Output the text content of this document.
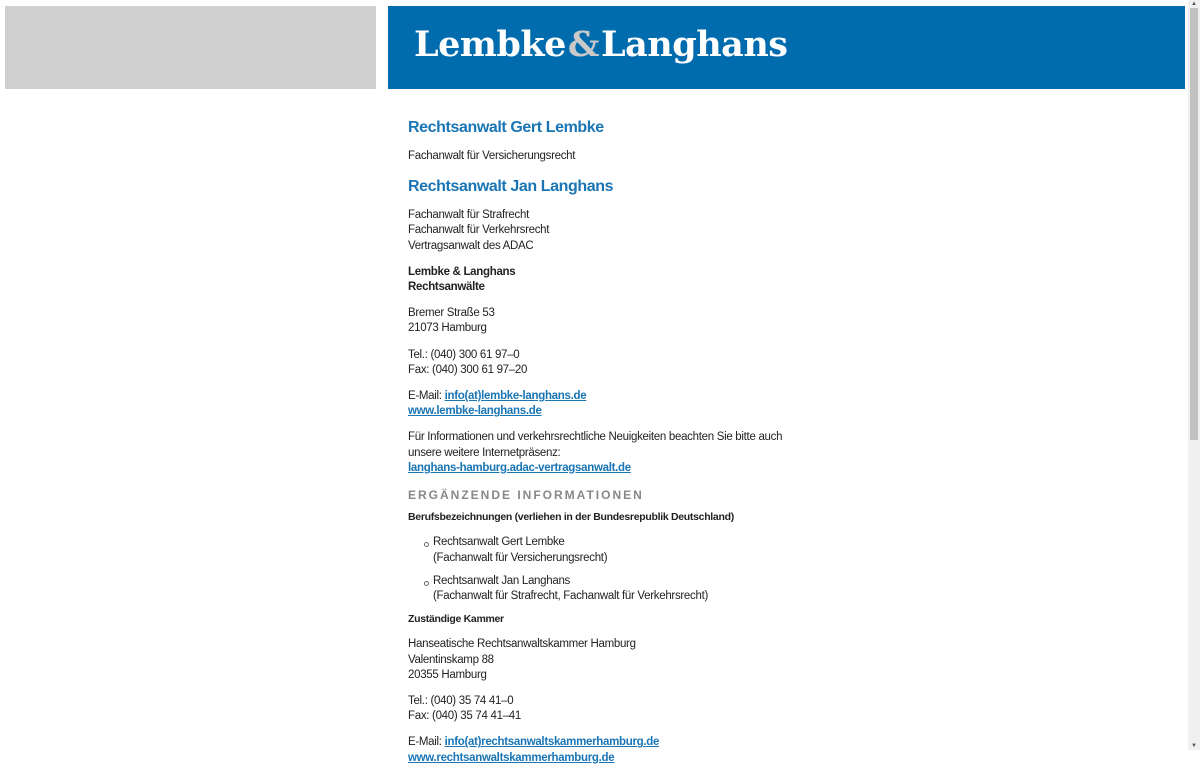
Lembke&Langhans
Rechtsanwalt Gert Lembke

Fachanwalt für Versicherungsrecht

Rechtsanwalt Jan Langhans

Fachanwalt für Strafrecht
Fachanwalt für Verkehrsrecht
Vertragsanwalt des ADAC

Lembke & Langhans
Rechtsanwälte

Bremer Straße 53
21073 Hamburg

Tel.: (040) 300 61 97–0
Fax: (040) 300 61 97–20

E-Mail: info(at)lembke-langhans.de
www.lembke-langhans.de

Für Informationen und verkehrsrechtliche Neuigkeiten beachten Sie bitte auch
unsere weitere Internetpräsenz:
langhans-hamburg.adac-vertragsanwalt.de

ERGÄNZENDE INFORMATIONEN
Berufsbezeichnungen (verliehen in der Bundesrepublik Deutschland)
Rechtsanwalt Gert Lembke
(Fachanwalt für Versicherungsrecht)
Rechtsanwalt Jan Langhans
(Fachanwalt für Strafrecht, Fachanwalt für Verkehrsrecht)
Zuständige Kammer

Hanseatische Rechtsanwaltskammer Hamburg
Valentinskamp 88
20355 Hamburg

Tel.: (040) 35 74 41–0
Fax: (040) 35 74 41–41

E-Mail: info(at)rechtsanwaltskammerhamburg.de
www.rechtsanwaltskammerhamburg.de

▲
▼
